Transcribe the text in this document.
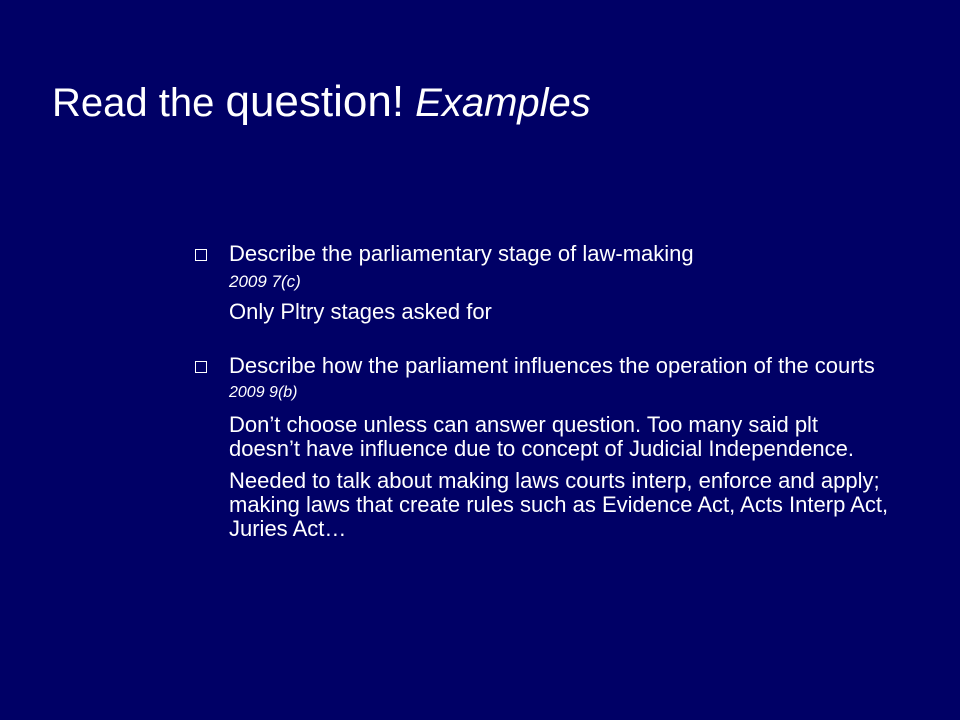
Read the question! Examples
Describe the parliamentary stage of law-making
2009 7(c)
Only Pltry stages asked for
Describe how the parliament influences the operation of the courts 2009 9(b)
Don’t choose unless can answer question. Too many said plt doesn’t have influence due to concept of Judicial Independence.
Needed to talk about making laws courts interp, enforce and apply; making laws that create rules such as Evidence Act, Acts Interp Act, Juries Act…
